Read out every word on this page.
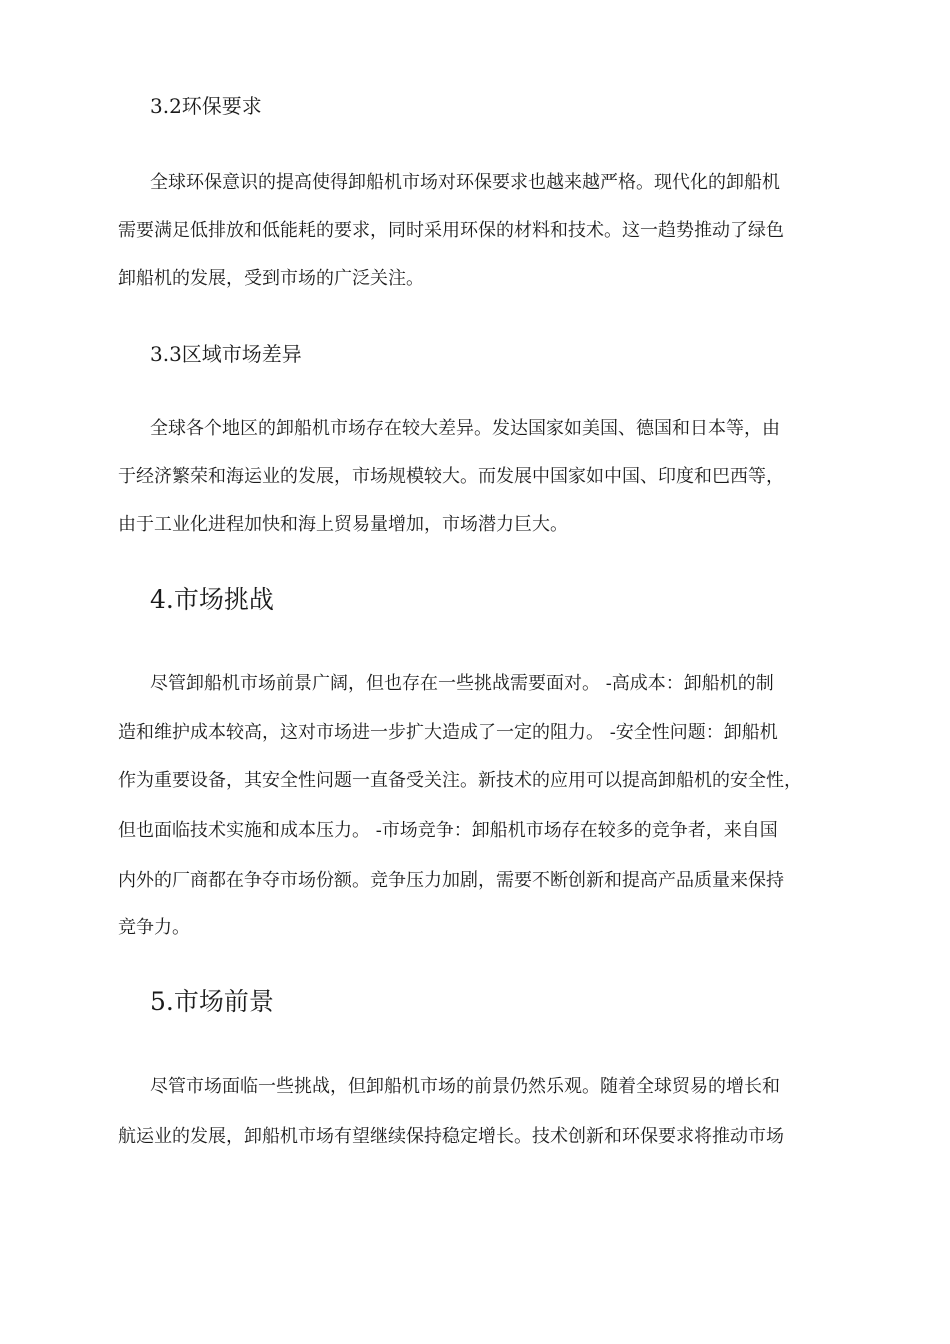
3.2环保要求
全球环保意识的提高使得卸船机市场对环保要求也越来越严格。现代化的卸船机
需要满足低排放和低能耗的要求，同时采用环保的材料和技术。这一趋势推动了绿色
卸船机的发展，受到市场的广泛关注。
3.3区域市场差异
全球各个地区的卸船机市场存在较大差异。发达国家如美国、德国和日本等，由
于经济繁荣和海运业的发展，市场规模较大。而发展中国家如中国、印度和巴西等，
由于工业化进程加快和海上贸易量增加，市场潜力巨大。
4.市场挑战
尽管卸船机市场前景广阔，但也存在一些挑战需要面对。 -高成本：卸船机的制
造和维护成本较高，这对市场进一步扩大造成了一定的阻力。 -安全性问题：卸船机
作为重要设备，其安全性问题一直备受关注。新技术的应用可以提高卸船机的安全性，
但也面临技术实施和成本压力。 -市场竞争：卸船机市场存在较多的竞争者，来自国
内外的厂商都在争夺市场份额。竞争压力加剧，需要不断创新和提高产品质量来保持
竞争力。
5.市场前景
尽管市场面临一些挑战，但卸船机市场的前景仍然乐观。随着全球贸易的增长和
航运业的发展，卸船机市场有望继续保持稳定增长。技术创新和环保要求将推动市场
